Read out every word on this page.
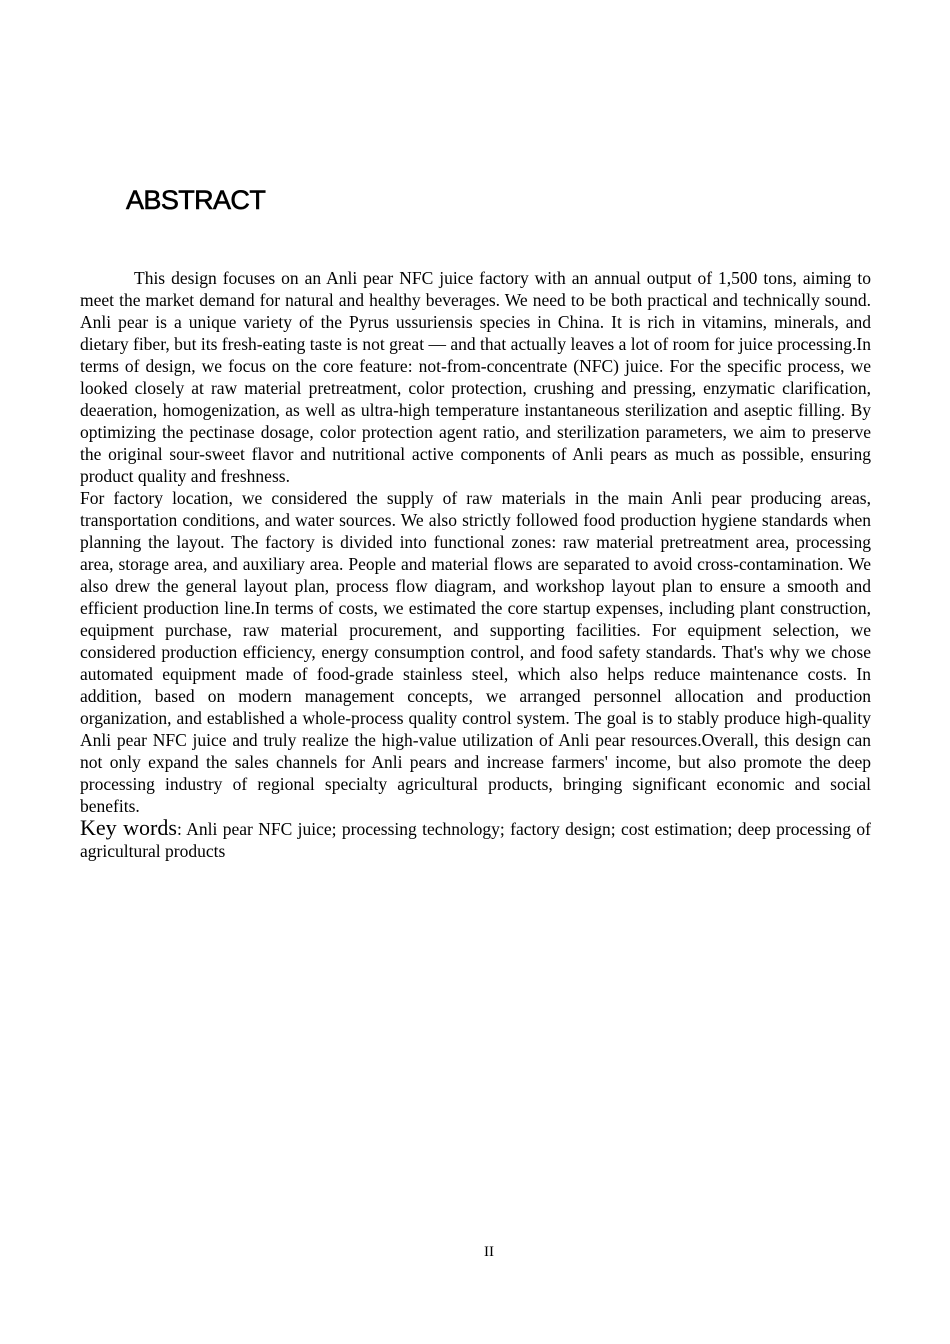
ABSTRACT

This design focuses on an Anli pear NFC juice factory with an annual output of 1,500 tons, aiming to meet the market demand for natural and healthy beverages. We need to be both practical and technically sound. Anli pear is a unique variety of the Pyrus ussuriensis species in China. It is rich in vitamins, minerals, and dietary fiber, but its fresh-eating taste is not great — and that actually leaves a lot of room for juice processing.In terms of design, we focus on the core feature: not-from-concentrate (NFC) juice. For the specific process, we looked closely at raw material pretreatment, color protection, crushing and pressing, enzymatic clarification, deaeration, homogenization, as well as ultra-high temperature instantaneous sterilization and aseptic filling. By optimizing the pectinase dosage, color protection agent ratio, and sterilization parameters, we aim to preserve the original sour-sweet flavor and nutritional active components of Anli pears as much as possible, ensuring product quality and freshness.

For factory location, we considered the supply of raw materials in the main Anli pear producing areas, transportation conditions, and water sources. We also strictly followed food production hygiene standards when planning the layout. The factory is divided into functional zones: raw material pretreatment area, processing area, storage area, and auxiliary area. People and material flows are separated to avoid cross-contamination. We also drew the general layout plan, process flow diagram, and workshop layout plan to ensure a smooth and efficient production line.In terms of costs, we estimated the core startup expenses, including plant construction, equipment purchase, raw material procurement, and supporting facilities. For equipment selection, we considered production efficiency, energy consumption control, and food safety standards. That's why we chose automated equipment made of food-grade stainless steel, which also helps reduce maintenance costs. In addition, based on modern management concepts, we arranged personnel allocation and production organization, and established a whole-process quality control system. The goal is to stably produce high-quality Anli pear NFC juice and truly realize the high-value utilization of Anli pear resources.Overall, this design can not only expand the sales channels for Anli pears and increase farmers' income, but also promote the deep processing industry of regional specialty agricultural products, bringing significant economic and social benefits.

Key words: Anli pear NFC juice; processing technology; factory design; cost estimation; deep processing of agricultural products

II
